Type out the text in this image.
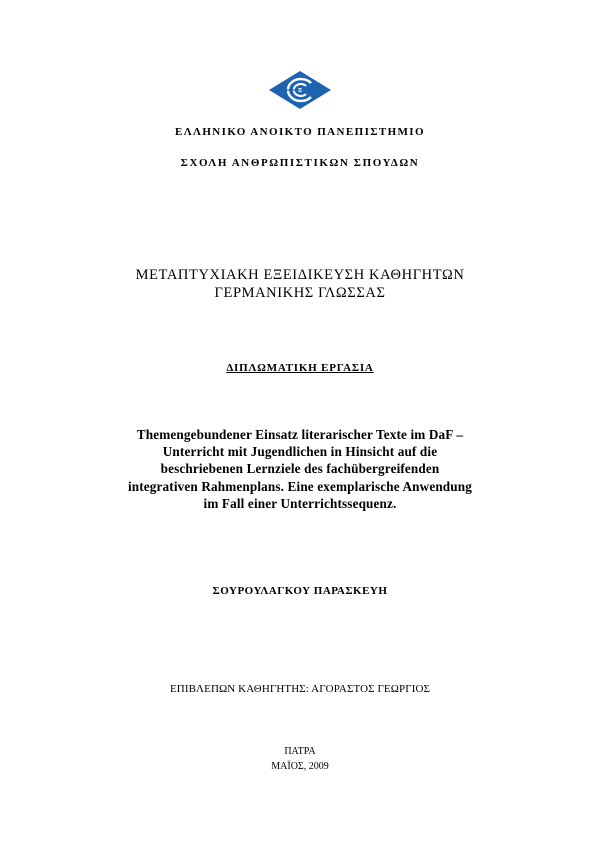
ΕΛΛΗΝΙΚΟ ΑΝΟΙΚΤΟ ΠΑΝΕΠΙΣΤΗΜΙΟ
ΣΧΟΛΗ ΑΝΘΡΩΠΙΣΤΙΚΩΝ ΣΠΟΥΔΩΝ
ΜΕΤΑΠΤΥΧΙΑΚΗ ΕΞΕΙΔΙΚΕΥΣΗ ΚΑΘΗΓΗΤΩΝ
ΓΕΡΜΑΝΙΚΗΣ ΓΛΩΣΣΑΣ
ΔΙΠΛΩΜΑΤΙΚΗ ΕΡΓΑΣΙΑ
Themengebundener Einsatz literarischer Texte im DaF –
Unterricht mit Jugendlichen in Hinsicht auf die
beschriebenen Lernziele des fachübergreifenden
integrativen Rahmenplans. Eine exemplarische Anwendung
im Fall einer Unterrichtssequenz.
ΣΟΥΡΟΥΛΑΓΚΟΥ ΠΑΡΑΣΚΕΥΗ
ΕΠΙΒΛΕΠΩΝ ΚΑΘΗΓΗΤΗΣ: ΑΓΟΡΑΣΤΟΣ ΓΕΩΡΓΙΟΣ
ΠΑΤΡΑ
ΜΑΪΟΣ, 2009
